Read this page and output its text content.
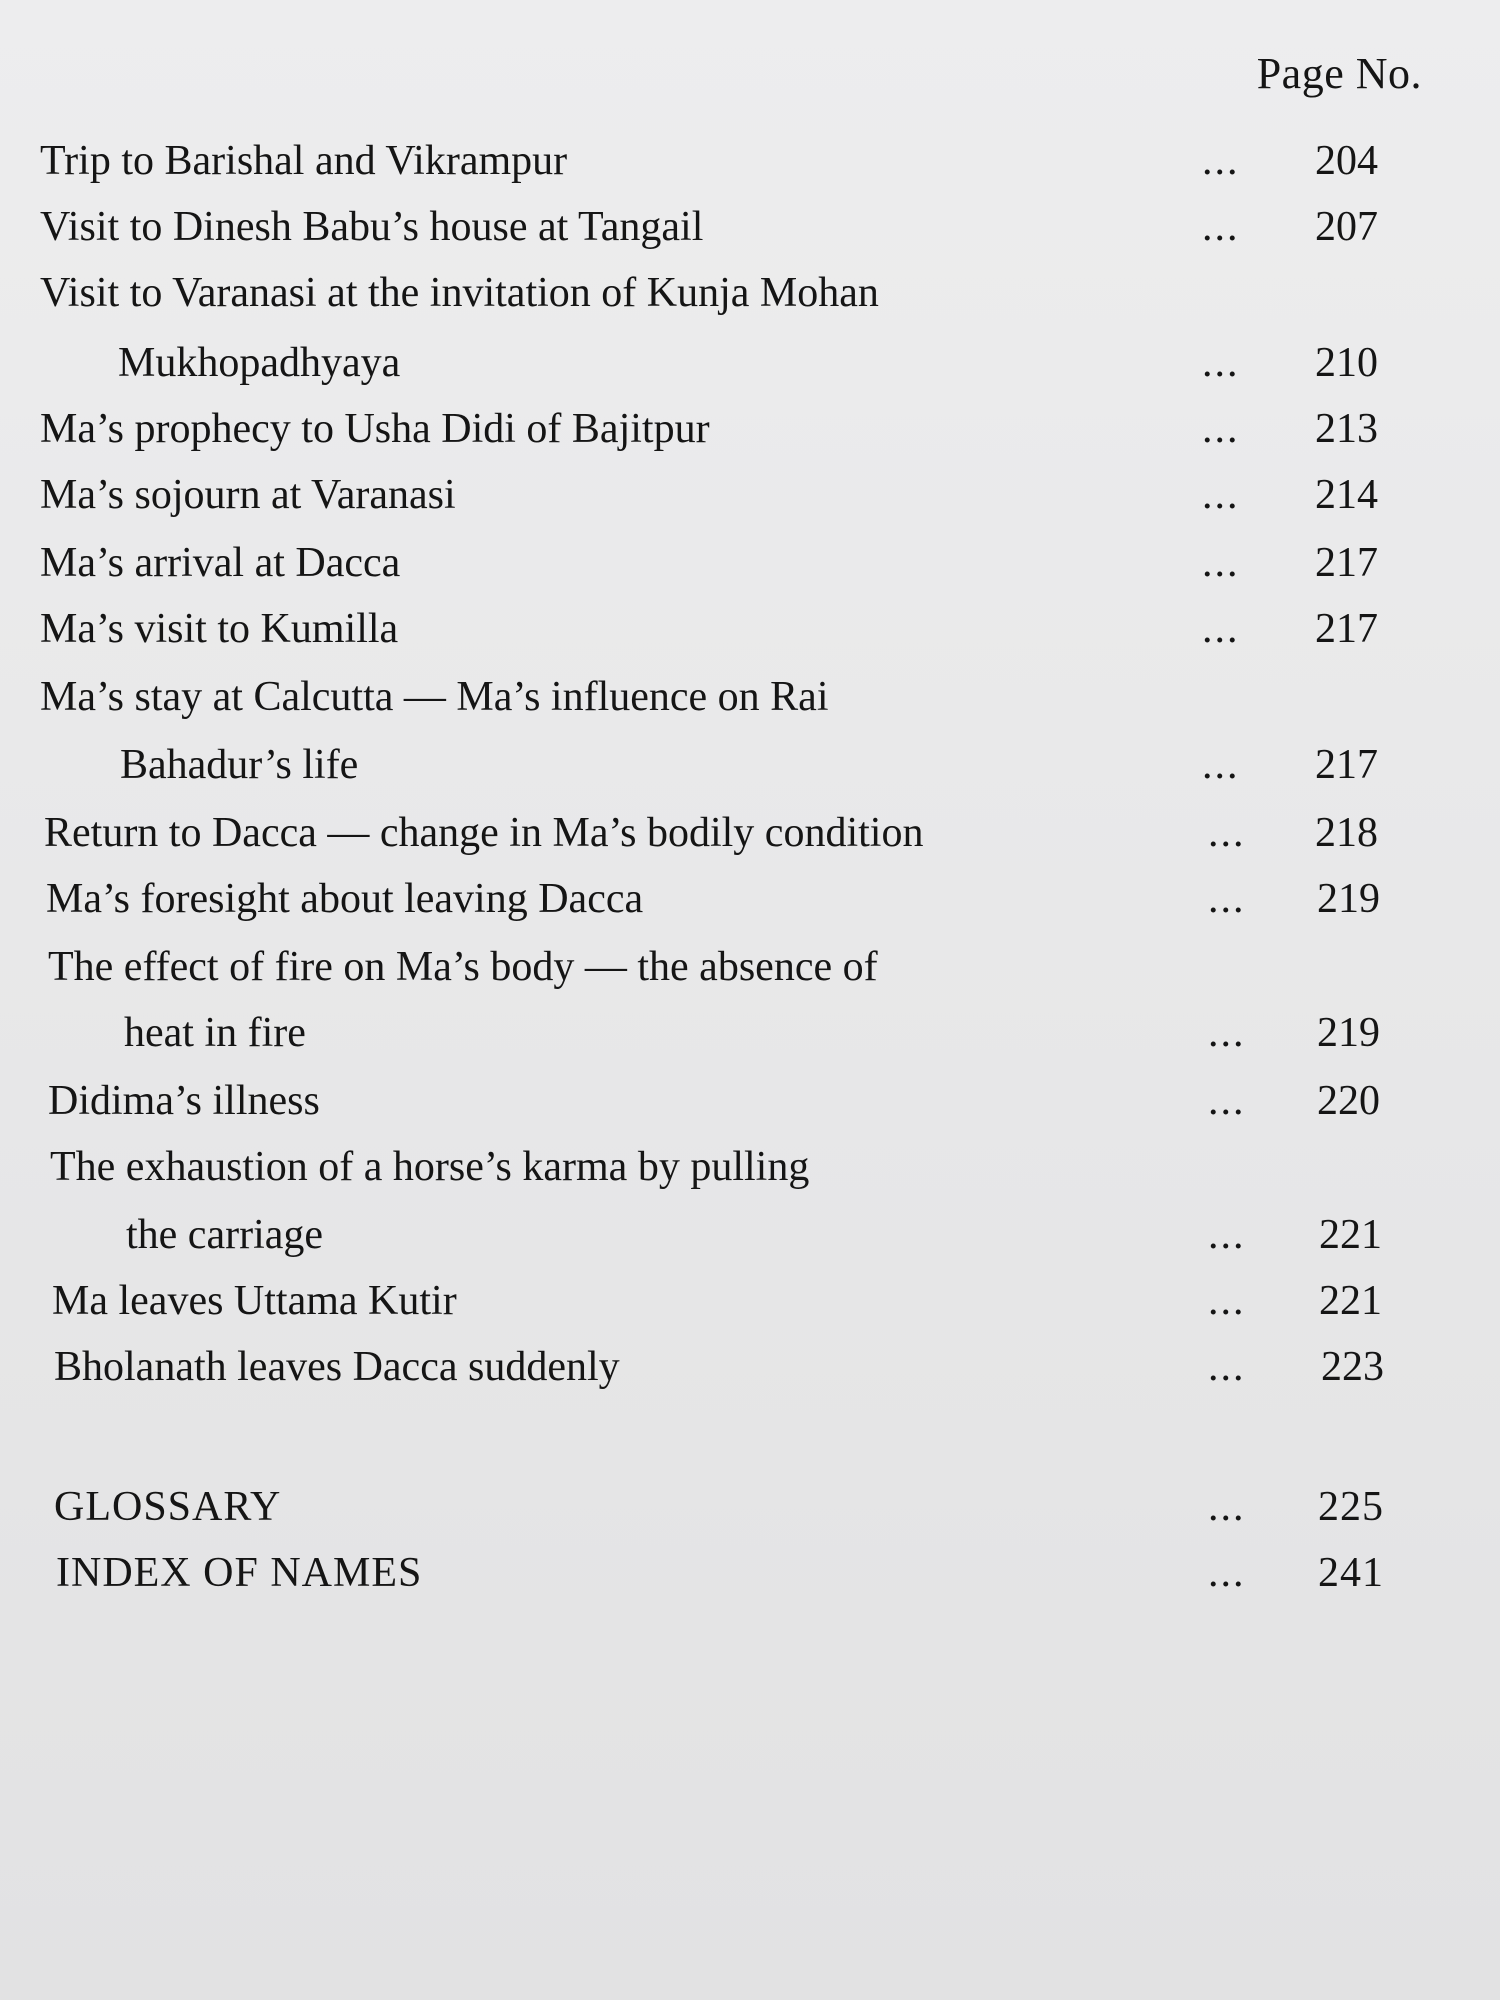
Page No.
Trip to Barishal and Vikrampur	... 204
Visit to Dinesh Babu’s house at Tangail	... 207
Visit to Varanasi at the invitation of Kunja Mohan
Mukhopadhyaya	... 210
Ma’s prophecy to Usha Didi of Bajitpur	... 213
Ma’s sojourn at Varanasi	... 214
Ma’s arrival at Dacca	... 217
Ma’s visit to Kumilla	... 217
Ma’s stay at Calcutta — Ma’s influence on Rai
Bahadur’s life	... 217
Return to Dacca — change in Ma’s bodily condition	... 218
Ma’s foresight about leaving Dacca	... 219
The effect of fire on Ma’s body — the absence of
heat in fire	... 219
Didima’s illness	... 220
The exhaustion of a horse’s karma by pulling
the carriage	... 221
Ma leaves Uttama Kutir	... 221
Bholanath leaves Dacca suddenly	... 223
GLOSSARY	... 225
INDEX OF NAMES	... 241
